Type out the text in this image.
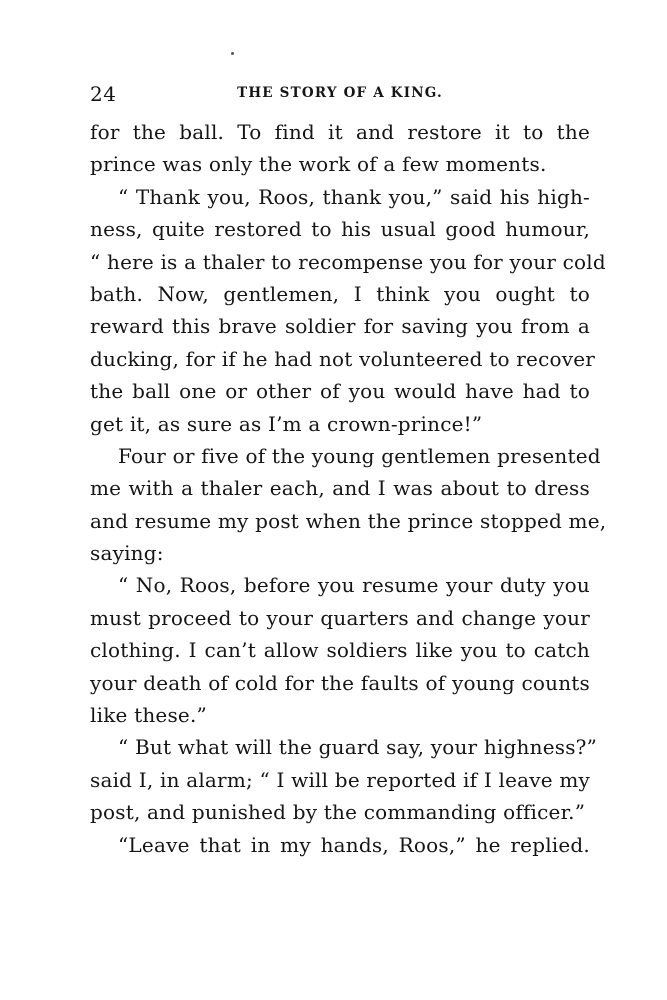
24	THE STORY OF A KING.
for the ball. To find it and restore it to the
prince was only the work of a few moments.
“ Thank you, Roos, thank you,” said his high-
ness, quite restored to his usual good humour,
“ here is a thaler to recompense you for your cold
bath. Now, gentlemen, I think you ought to
reward this brave soldier for saving you from a
ducking, for if he had not volunteered to recover
the ball one or other of you would have had to
get it, as sure as I’m a crown-prince!”
Four or five of the young gentlemen presented
me with a thaler each, and I was about to dress
and resume my post when the prince stopped me,
saying:
“ No, Roos, before you resume your duty you
must proceed to your quarters and change your
clothing. I can’t allow soldiers like you to catch
your death of cold for the faults of young counts
like these.”
“ But what will the guard say, your highness?”
said I, in alarm; “ I will be reported if I leave my
post, and punished by the commanding officer.”
“Leave that in my hands, Roos,” he replied.
